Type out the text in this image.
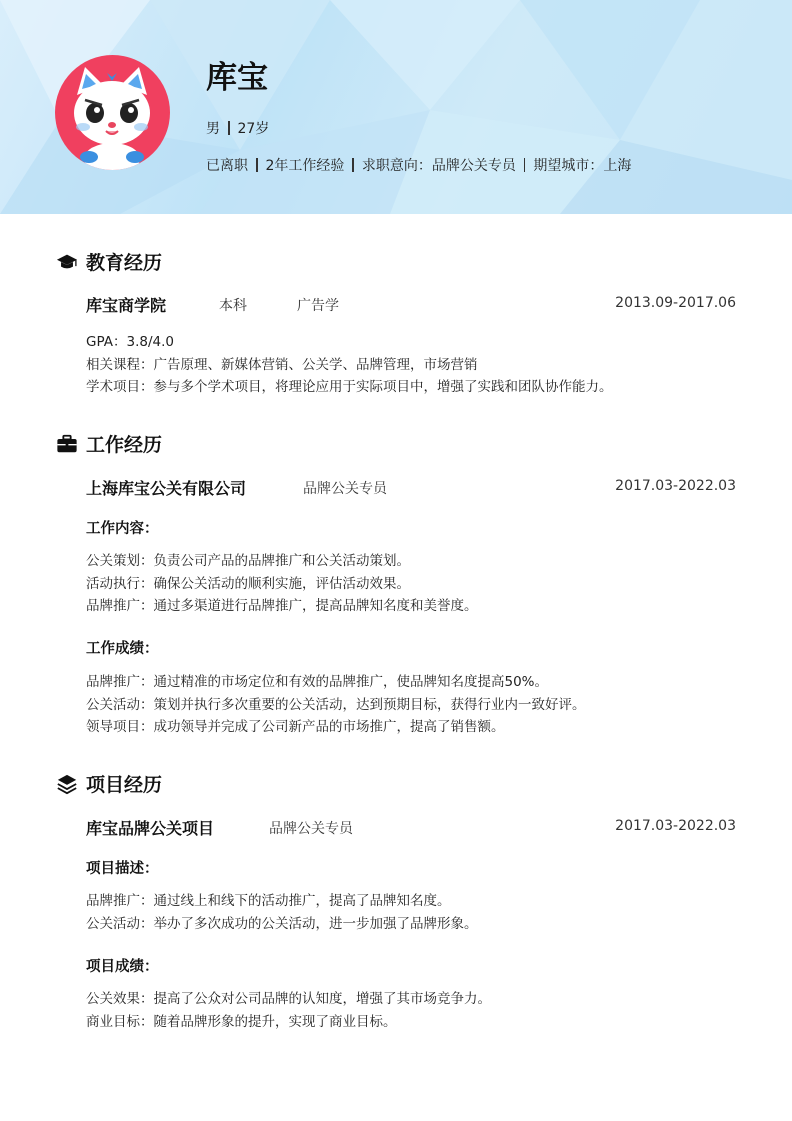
库宝
男 27岁
已离职 2年工作经验 求职意向：品牌公关专员 期望城市：上海
教育经历
库宝商学院	本科	广告学	2013.09-2017.06
GPA：3.8/4.0
相关课程：广告原理、新媒体营销、公关学、品牌管理，市场营销
学术项目：参与多个学术项目，将理论应用于实际项目中，增强了实践和团队协作能力。
工作经历
上海库宝公关有限公司	品牌公关专员	2017.03-2022.03
工作内容：
公关策划：负责公司产品的品牌推广和公关活动策划。
活动执行：确保公关活动的顺利实施，评估活动效果。
品牌推广：通过多渠道进行品牌推广，提高品牌知名度和美誉度。
工作成绩：
品牌推广：通过精准的市场定位和有效的品牌推广，使品牌知名度提高50%。
公关活动：策划并执行多次重要的公关活动，达到预期目标，获得行业内一致好评。
领导项目：成功领导并完成了公司新产品的市场推广，提高了销售额。
项目经历
库宝品牌公关项目	品牌公关专员	2017.03-2022.03
项目描述：
品牌推广：通过线上和线下的活动推广，提高了品牌知名度。
公关活动：举办了多次成功的公关活动，进一步加强了品牌形象。
项目成绩：
公关效果：提高了公众对公司品牌的认知度，增强了其市场竞争力。
商业目标：随着品牌形象的提升，实现了商业目标。
